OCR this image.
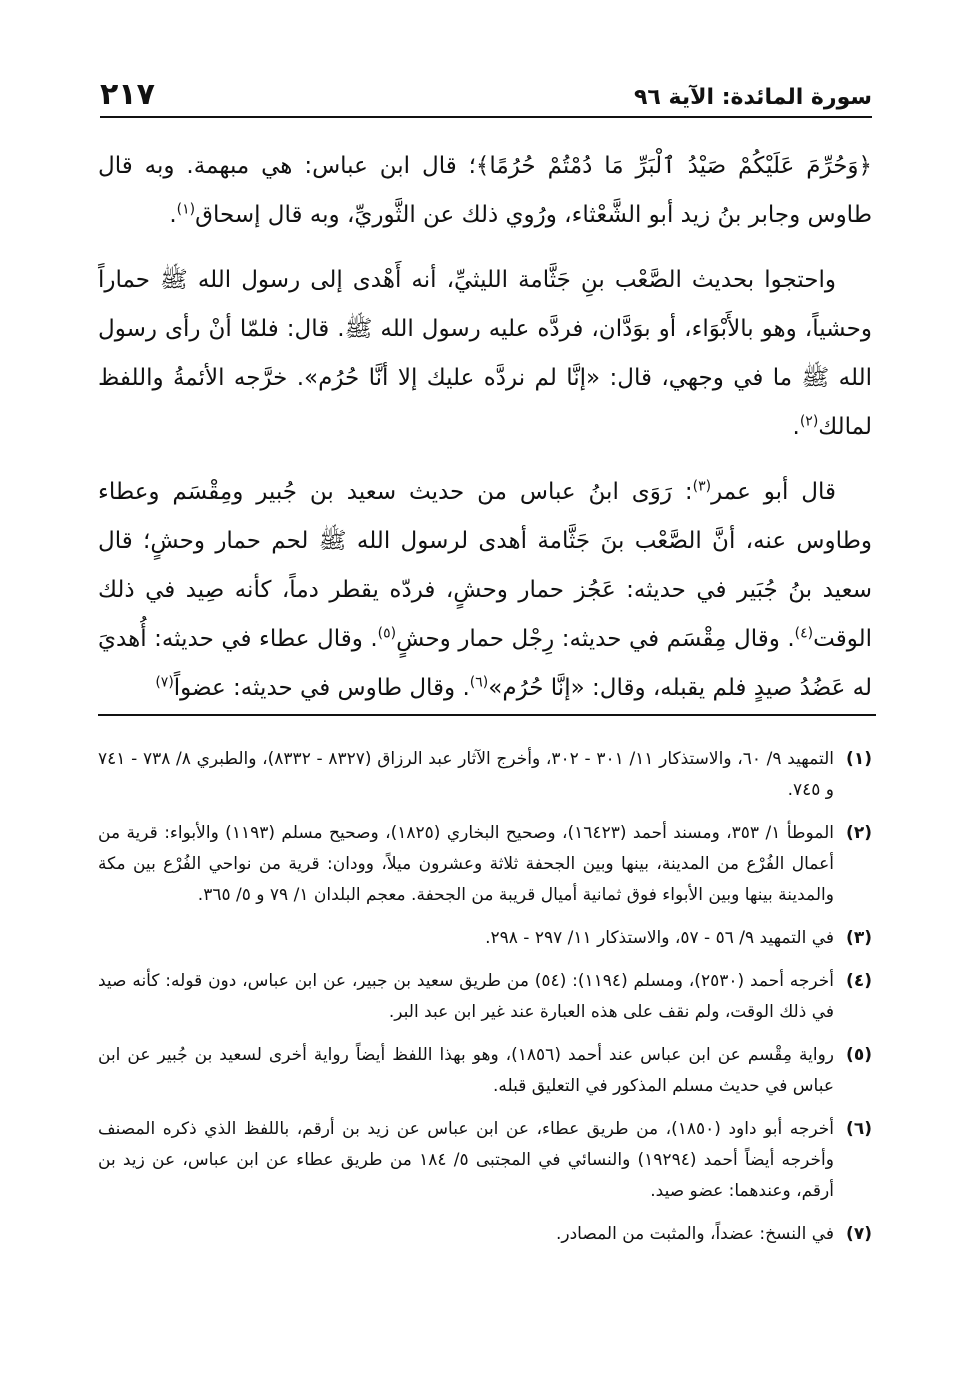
سورة المائدة: الآية ٩٦
٢١٧

﴿وَحُرِّمَ عَلَيْكُمْ صَيْدُ ٱلْبَرِّ مَا دُمْتُمْ حُرُمًا﴾؛ قال ابن عباس: هي مبهمة. وبه قال طاوس وجابر بنُ زيد أبو الشَّعْثاء، ورُوي ذلك عن الثَّوريِّ، وبه قال إسحاق$^{(١)}$.

واحتجوا بحديث الصَّعْب بنِ جَثَّامة الليثيِّ، أنه أَهْدى إلى رسول الله ﷺ حماراً وحشياً، وهو بالأَبْوَاء، أو بوَدَّان، فردَّه عليه رسول الله ﷺ. قال: فلمّا أنْ رأى رسول الله ﷺ ما في وجهي، قال: «إنَّا لم نردَّه عليك إلا أنَّا حُرُم». خرَّجه الأئمةُ واللفظ لمالك$^{(٢)}$.

قال أبو عمر$^{(٣)}$: رَوَى ابنُ عباس من حديث سعيد بن جُبير ومِقْسَم وعطاء وطاوس عنه، أنَّ الصَّعْب بنَ جَثَّامة أهدى لرسول الله ﷺ لحم حمار وحشٍ؛ قال سعيد بنُ جُبَير في حديثه: عَجُز حمار وحشٍ، فردّه يقطر دماً، كأنه صِيد في ذلك الوقت$^{(٤)}$. وقال مِقْسَم في حديثه: رِجْل حمار وحشٍ$^{(٥)}$. وقال عطاء في حديثه: أُهديَ له عَضُدُ صيدٍ فلم يقبله، وقال: «إنَّا حُرُم»$^{(٦)}$. وقال طاوس في حديثه: عضواً$^{(٧)}$

(١)
التمهيد ٩/ ٦٠، والاستذكار ١١/ ٣٠١ - ٣٠٢، وأخرج الآثار عبد الرزاق (٨٣٢٧ - ٨٣٣٢)، والطبري ٨/ ٧٣٨ - ٧٤١ و ٧٤٥.
(٢)
الموطأ ١/ ٣٥٣، ومسند أحمد (١٦٤٢٣)، وصحيح البخاري (١٨٢٥)، وصحيح مسلم (١١٩٣) والأبواء: قرية من أعمال الفُرْع من المدينة، بينها وبين الجحفة ثلاثة وعشرون ميلاً، وودان: قرية من نواحي الفُرْع بين مكة والمدينة بينها وبين الأبواء فوق ثمانية أميال قريبة من الجحفة. معجم البلدان ١/ ٧٩ و ٥/ ٣٦٥.
(٣)
في التمهيد ٩/ ٥٦ - ٥٧، والاستذكار ١١/ ٢٩٧ - ٢٩٨.
(٤)
أخرجه أحمد (٢٥٣٠)، ومسلم (١١٩٤): (٥٤) من طريق سعيد بن جبير، عن ابن عباس، دون قوله: كأنه صيد في ذلك الوقت، ولم نقف على هذه العبارة عند غير ابن عبد البر.
(٥)
رواية مِقْسم عن ابن عباس عند أحمد (١٨٥٦)، وهو بهذا اللفظ أيضاً رواية أخرى لسعيد بن جُبير عن ابن عباس في حديث مسلم المذكور في التعليق قبله.
(٦)
أخرجه أبو داود (١٨٥٠)، من طريق عطاء، عن ابن عباس عن زيد بن أرقم، باللفظ الذي ذكره المصنف وأخرجه أيضاً أحمد (١٩٢٩٤) والنسائي في المجتبى ٥/ ١٨٤ من طريق عطاء عن ابن عباس، عن زيد بن أرقم، وعندهما: عضو صيد.
(٧)
في النسخ: عضداً، والمثبت من المصادر.
